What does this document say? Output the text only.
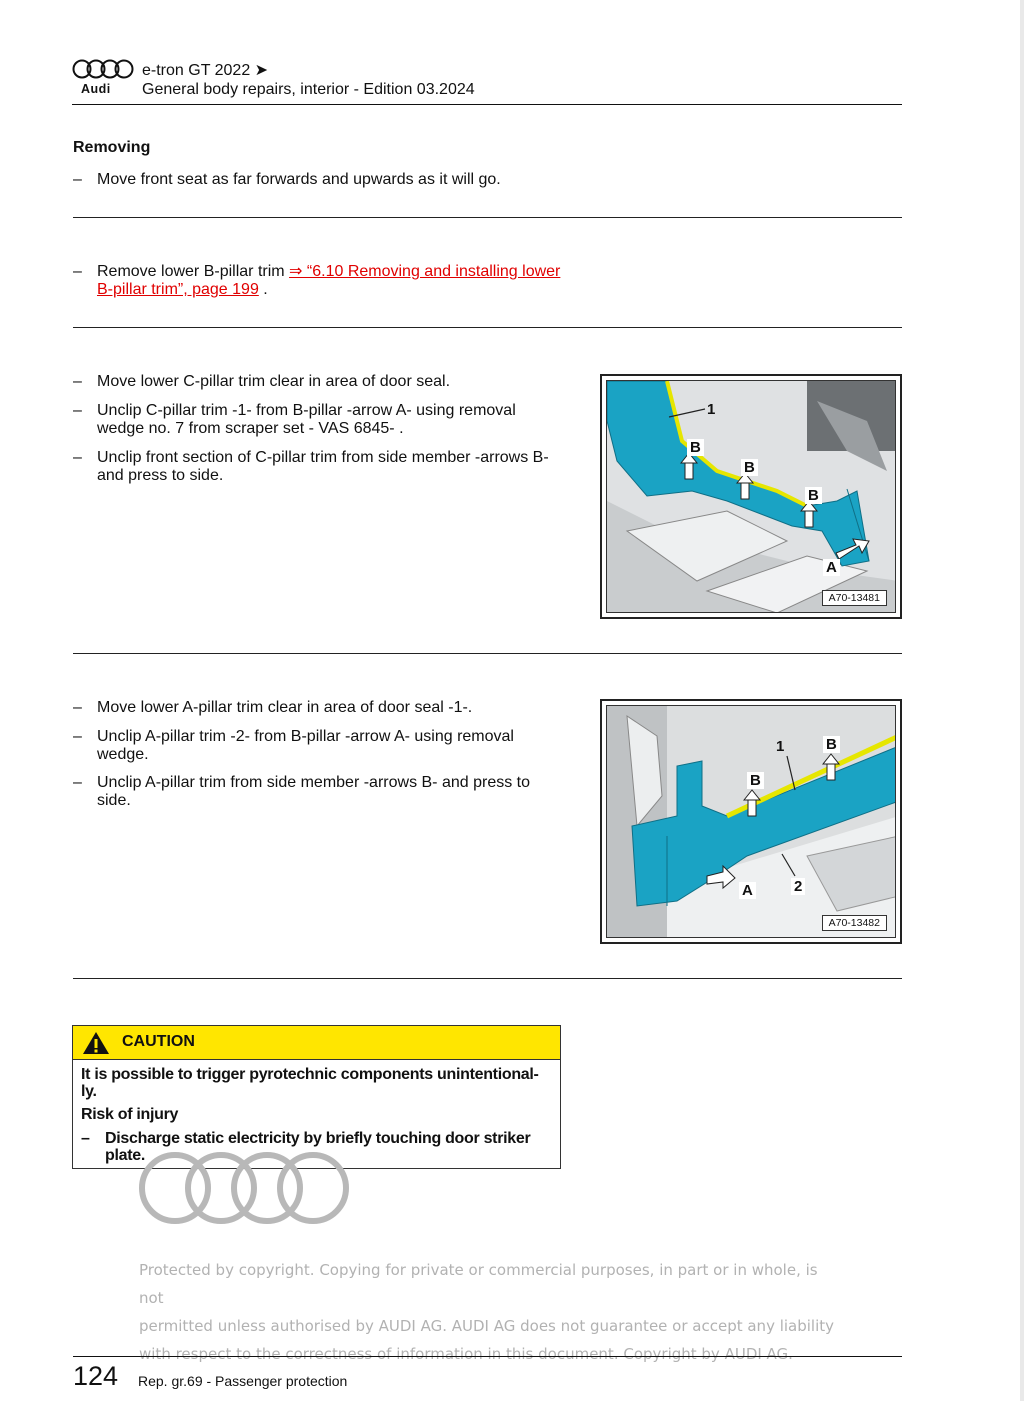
Audi
e-tron GT 2022 ➤
General body repairs, interior - Edition 03.2024
Removing
– Move front seat as far forwards and upwards as it will go.
– Remove lower B-pillar trim ⇒ “6.10 Removing and installing lower B-pillar trim”, page 199 .
– Move lower C-pillar trim clear in area of door seal.
– Unclip C-pillar trim -1- from B-pillar -arrow A- using removal wedge no. 7 from scraper set - VAS 6845- .
– Unclip front section of C-pillar trim from side member -arrows B- and press to side.
1
B
B
B
A
A70-13481
– Move lower A-pillar trim clear in area of door seal -1-.
– Unclip A-pillar trim -2- from B-pillar -arrow A- using removal wedge.
– Unclip A-pillar trim from side member -arrows B- and press to side.
1
B
B
A	2
A70-13482
CAUTION
It is possible to trigger pyrotechnic components unintentional-ly.
Risk of injury
– Discharge static electricity by briefly touching door striker plate.
Protected by copyright. Copying for private or commercial purposes, in part or in whole, is not
permitted unless authorised by AUDI AG. AUDI AG does not guarantee or accept any liability
with respect to the correctness of information in this document. Copyright by AUDI AG.
124 Rep. gr.69 - Passenger protection
